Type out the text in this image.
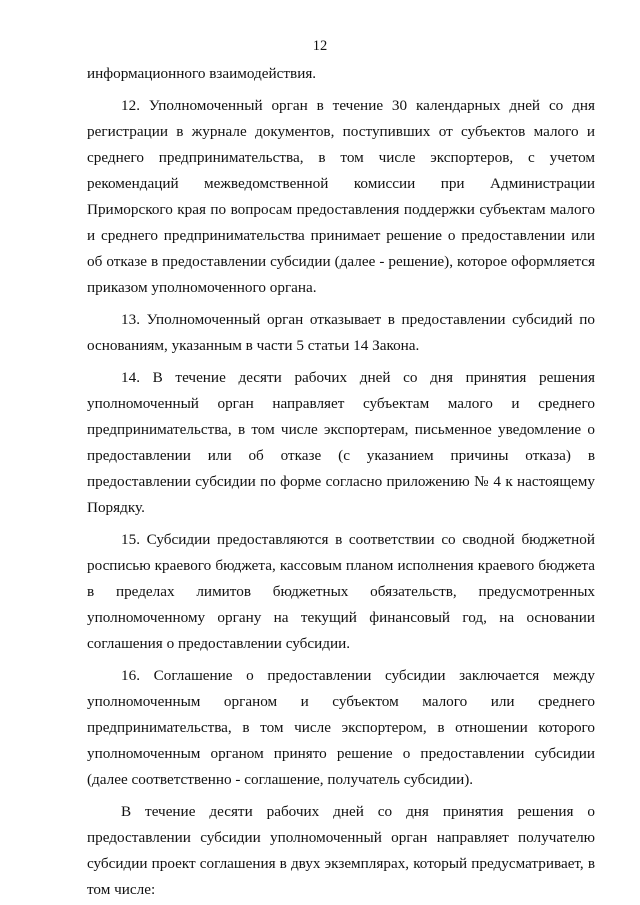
12

информационного взаимодействия.

12. Уполномоченный орган в течение 30 календарных дней со дня регистрации в журнале документов, поступивших от субъектов малого и среднего предпринимательства, в том числе экспортеров, с учетом рекомендаций межведомственной комиссии при Администрации Приморского края по вопросам предоставления поддержки субъектам малого и среднего предпринимательства принимает решение о предоставлении или об отказе в предоставлении субсидии (далее - решение), которое оформляется приказом уполномоченного органа.

13. Уполномоченный орган отказывает в предоставлении субсидий по основаниям, указанным в части 5 статьи 14 Закона.

14. В течение десяти рабочих дней со дня принятия решения уполномоченный орган направляет субъектам малого и среднего предпринимательства, в том числе экспортерам, письменное уведомление о предоставлении или об отказе (с указанием причины отказа) в предоставлении субсидии по форме согласно приложению № 4 к настоящему Порядку.

15. Субсидии предоставляются в соответствии со сводной бюджетной росписью краевого бюджета, кассовым планом исполнения краевого бюджета в пределах лимитов бюджетных обязательств, предусмотренных уполномоченному органу на текущий финансовый год, на основании соглашения о предоставлении субсидии.

16. Соглашение о предоставлении субсидии заключается между уполномоченным органом и субъектом малого или среднего предпринимательства, в том числе экспортером, в отношении которого уполномоченным органом принято решение о предоставлении субсидии (далее соответственно - соглашение, получатель субсидии).

В течение десяти рабочих дней со дня принятия решения о предоставлении субсидии уполномоченный орган направляет получателю субсидии проект соглашения в двух экземплярах, который предусматривает, в том числе:
